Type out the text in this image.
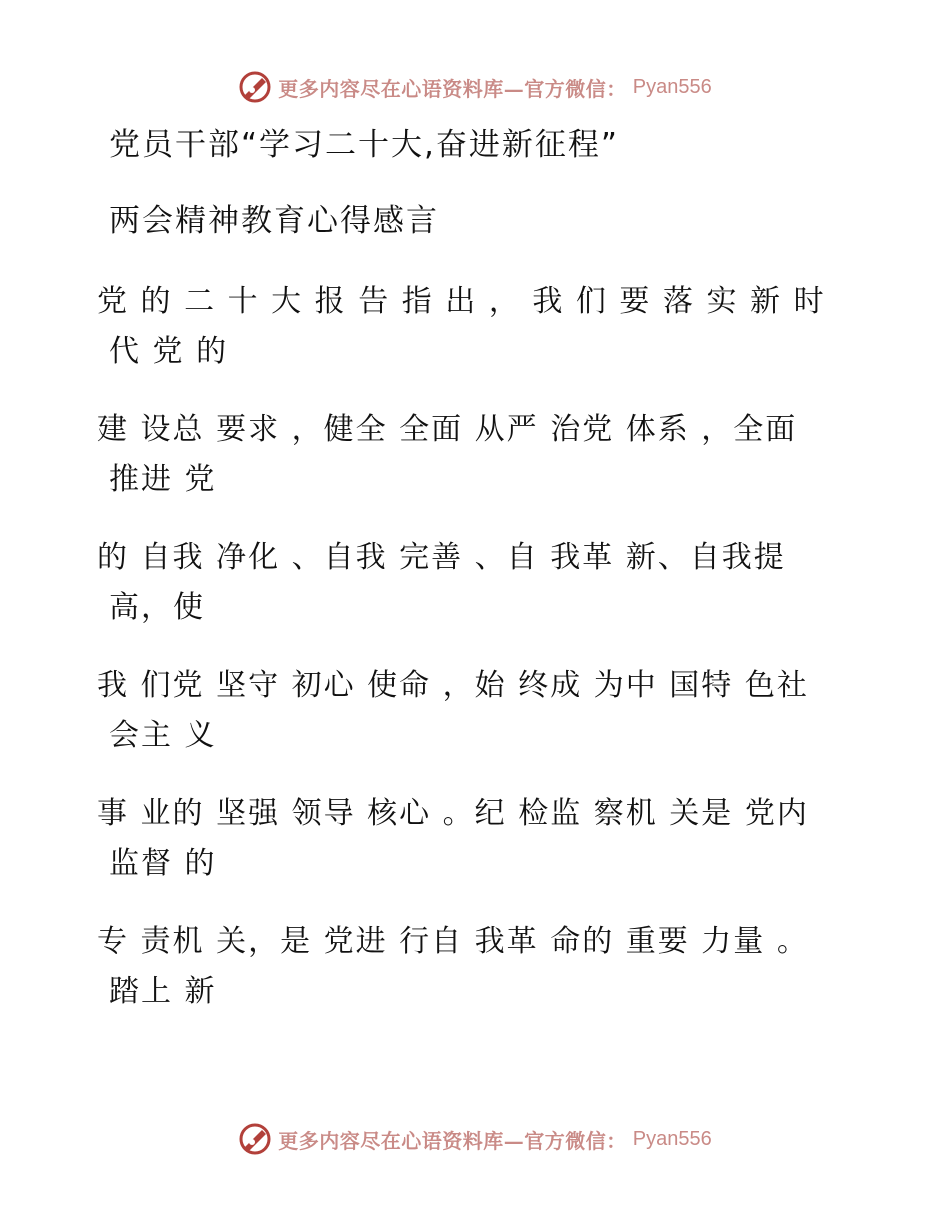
更多内容尽在心语资料库—官方微信： Pyan556

党员干部“学习二十大,奋进新征程”

两会精神教育心得感言

党 的 二 十 大 报 告 指 出 ， 我 们 要 落 实 新 时 代 党 的

建 设总 要求 ，健全 全面 从严 治党 体系 ，全面 推进 党

的 自我 净化 、自我 完善 、自 我革 新、自我提 高，使

我 们党 坚守 初心 使命 ，始 终成 为中 国特 色社 会主 义

事 业的 坚强 领导 核心 。纪 检监 察机 关是 党内 监督 的

专 责机 关，是 党进 行自 我革 命的 重要 力量 。踏上 新

更多内容尽在心语资料库—官方微信： Pyan556
